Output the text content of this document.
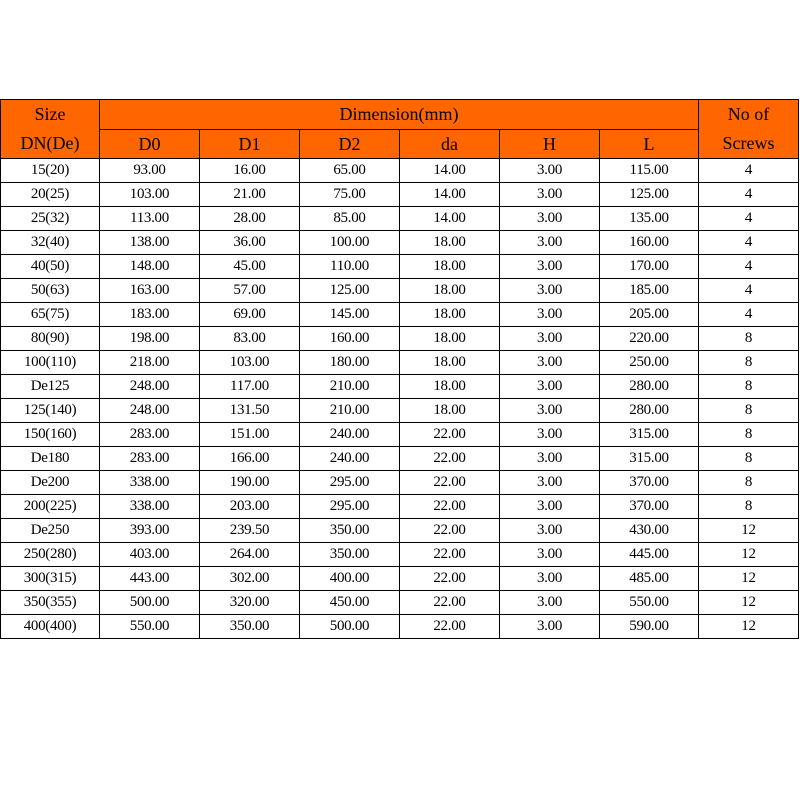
Size
DN(De)	Dimension(mm)						No of
Screws

	D0	D1	D2	da	H	L	
15(20)	93.00	16.00	65.00	14.00	3.00	115.00	4
20(25)	103.00	21.00	75.00	14.00	3.00	125.00	4
25(32)	113.00	28.00	85.00	14.00	3.00	135.00	4
32(40)	138.00	36.00	100.00	18.00	3.00	160.00	4
40(50)	148.00	45.00	110.00	18.00	3.00	170.00	4
50(63)	163.00	57.00	125.00	18.00	3.00	185.00	4
65(75)	183.00	69.00	145.00	18.00	3.00	205.00	4
80(90)	198.00	83.00	160.00	18.00	3.00	220.00	8
100(110)	218.00	103.00	180.00	18.00	3.00	250.00	8
De125	248.00	117.00	210.00	18.00	3.00	280.00	8
125(140)	248.00	131.50	210.00	18.00	3.00	280.00	8
150(160)	283.00	151.00	240.00	22.00	3.00	315.00	8
De180	283.00	166.00	240.00	22.00	3.00	315.00	8
De200	338.00	190.00	295.00	22.00	3.00	370.00	8
200(225)	338.00	203.00	295.00	22.00	3.00	370.00	8
De250	393.00	239.50	350.00	22.00	3.00	430.00	12
250(280)	403.00	264.00	350.00	22.00	3.00	445.00	12
300(315)	443.00	302.00	400.00	22.00	3.00	485.00	12
350(355)	500.00	320.00	450.00	22.00	3.00	550.00	12
400(400)	550.00	350.00	500.00	22.00	3.00	590.00	12
